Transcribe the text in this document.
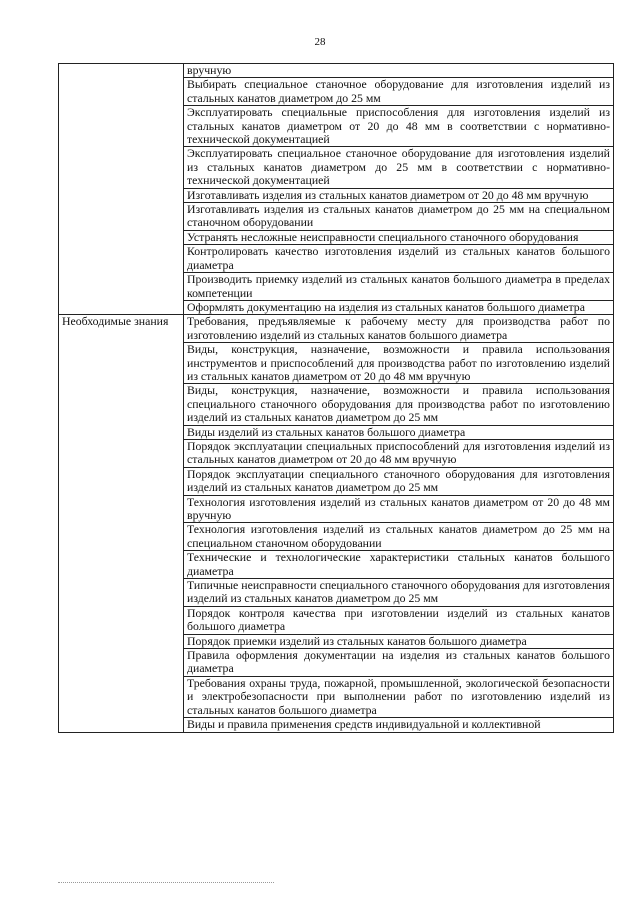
28
	вручную
	Выбирать специальное станочное оборудование для изготовления изделий из стальных канатов диаметром до 25 мм
	Эксплуатировать специальные приспособления для изготовления изделий из стальных канатов диаметром от 20 до 48 мм в соответствии с нормативно-технической документацией
	Эксплуатировать специальное станочное оборудование для изготовления изделий из стальных канатов диаметром до 25 мм в соответствии с нормативно-технической документацией
	Изготавливать изделия из стальных канатов диаметром от 20 до 48 мм вручную
	Изготавливать изделия из стальных канатов диаметром до 25 мм на специальном станочном оборудовании
	Устранять несложные неисправности специального станочного оборудования
	Контролировать качество изготовления изделий из стальных канатов большого диаметра
	Производить приемку изделий из стальных канатов большого диаметра в пределах компетенции
	Оформлять документацию на изделия из стальных канатов большого диаметра
Необходимые знания	Требования, предъявляемые к рабочему месту для производства работ по изготовлению изделий из стальных канатов большого диаметра
	Виды, конструкция, назначение, возможности и правила использования инструментов и приспособлений для производства работ по изготовлению изделий из стальных канатов диаметром от 20 до 48 мм вручную
	Виды, конструкция, назначение, возможности и правила использования специального станочного оборудования для производства работ по изготовлению изделий из стальных канатов диаметром до 25 мм
	Виды изделий из стальных канатов большого диаметра
	Порядок эксплуатации специальных приспособлений для изготовления изделий из стальных канатов диаметром от 20 до 48 мм вручную
	Порядок эксплуатации специального станочного оборудования для изготовления изделий из стальных канатов диаметром до 25 мм
	Технология изготовления изделий из стальных канатов диаметром от 20 до 48 мм вручную
	Технология изготовления изделий из стальных канатов диаметром до 25 мм на специальном станочном оборудовании
	Технические и технологические характеристики стальных канатов большого диаметра
	Типичные неисправности специального станочного оборудования для изготовления изделий из стальных канатов диаметром до 25 мм
	Порядок контроля качества при изготовлении изделий из стальных канатов большого диаметра
	Порядок приемки изделий из стальных канатов большого диаметра
	Правила оформления документации на изделия из стальных канатов большого диаметра
	Требования охраны труда, пожарной, промышленной, экологической безопасности и электробезопасности при выполнении работ по изготовлению изделий из стальных канатов большого диаметра
	Виды и правила применения средств индивидуальной и коллективной
